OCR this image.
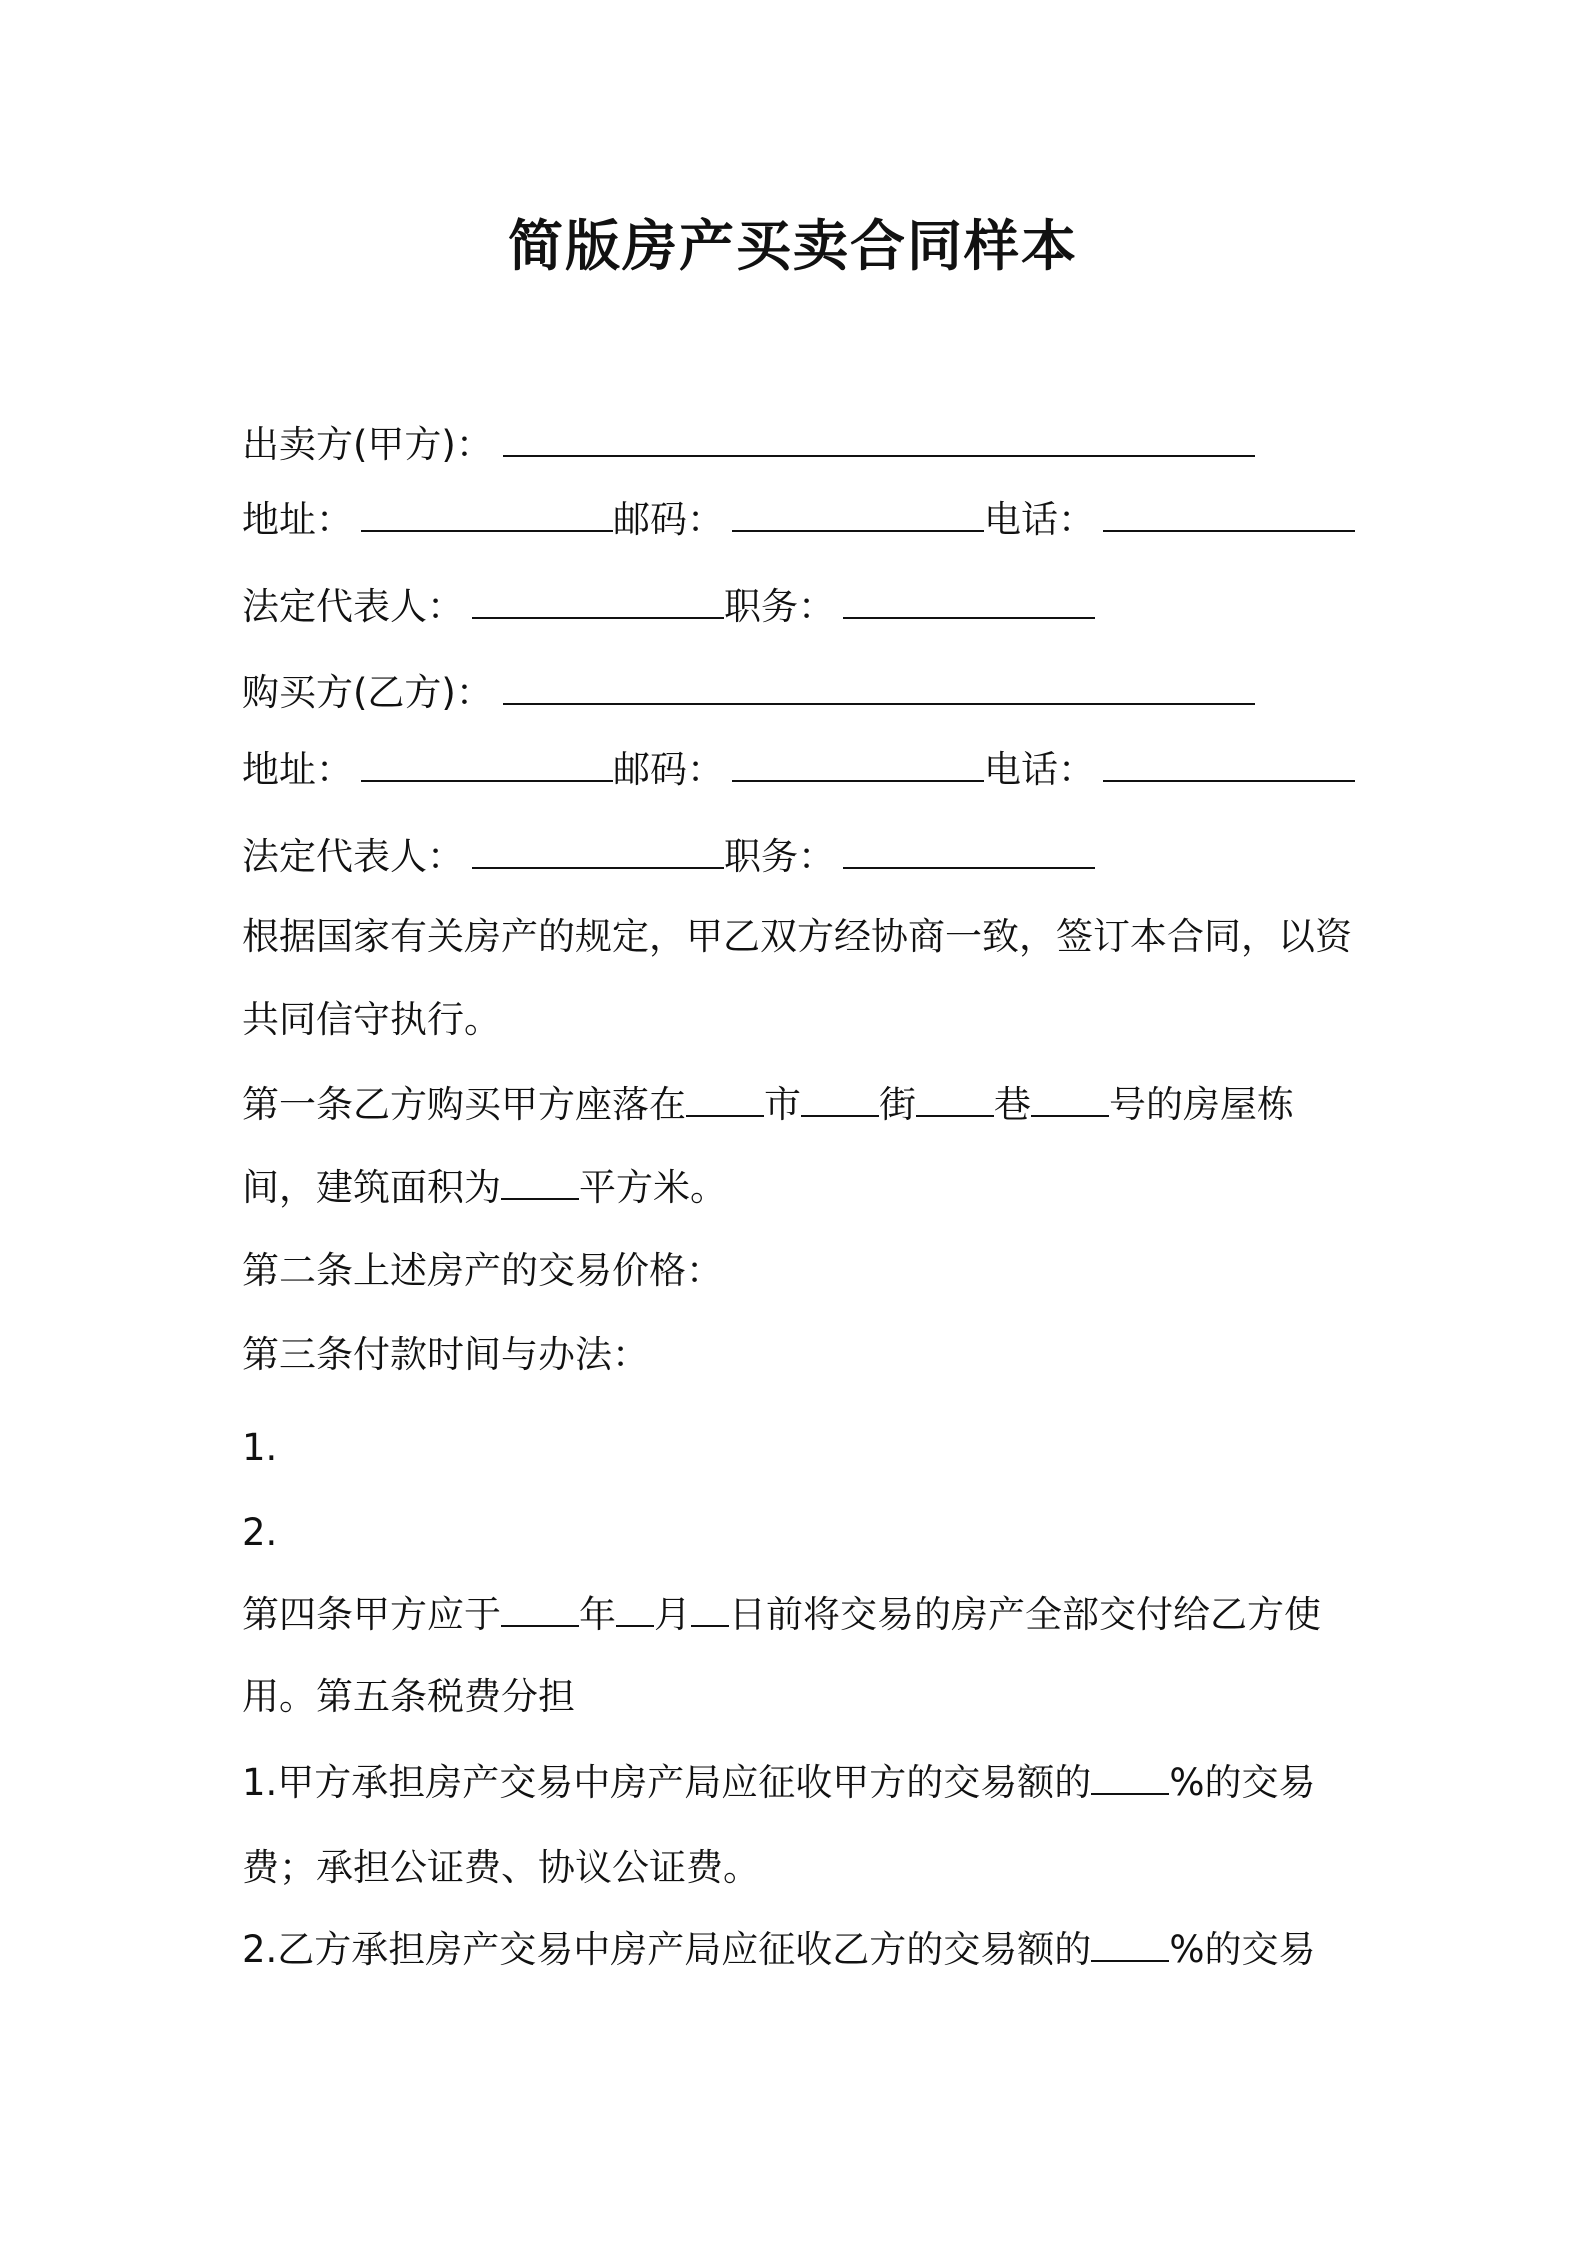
简版房产买卖合同样本
出卖方(甲方)：
地址：	邮码：	电话：
法定代表人：	职务：
购买方(乙方)：
地址：	邮码：	电话：
法定代表人：	职务：
根据国家有关房产的规定，甲乙双方经协商一致，签订本合同，以资
共同信守执行。
第一条乙方购买甲方座落在 市 街 巷 号的房屋栋
间，建筑面积为 平方米。
第二条上述房产的交易价格：
第三条付款时间与办法：
1.
2.
第四条甲方应于 年 月 日前将交易的房产全部交付给乙方使
用。第五条税费分担
1.甲方承担房产交易中房产局应征收甲方的交易额的 %的交易
费；承担公证费、协议公证费。
2.乙方承担房产交易中房产局应征收乙方的交易额的 %的交易
